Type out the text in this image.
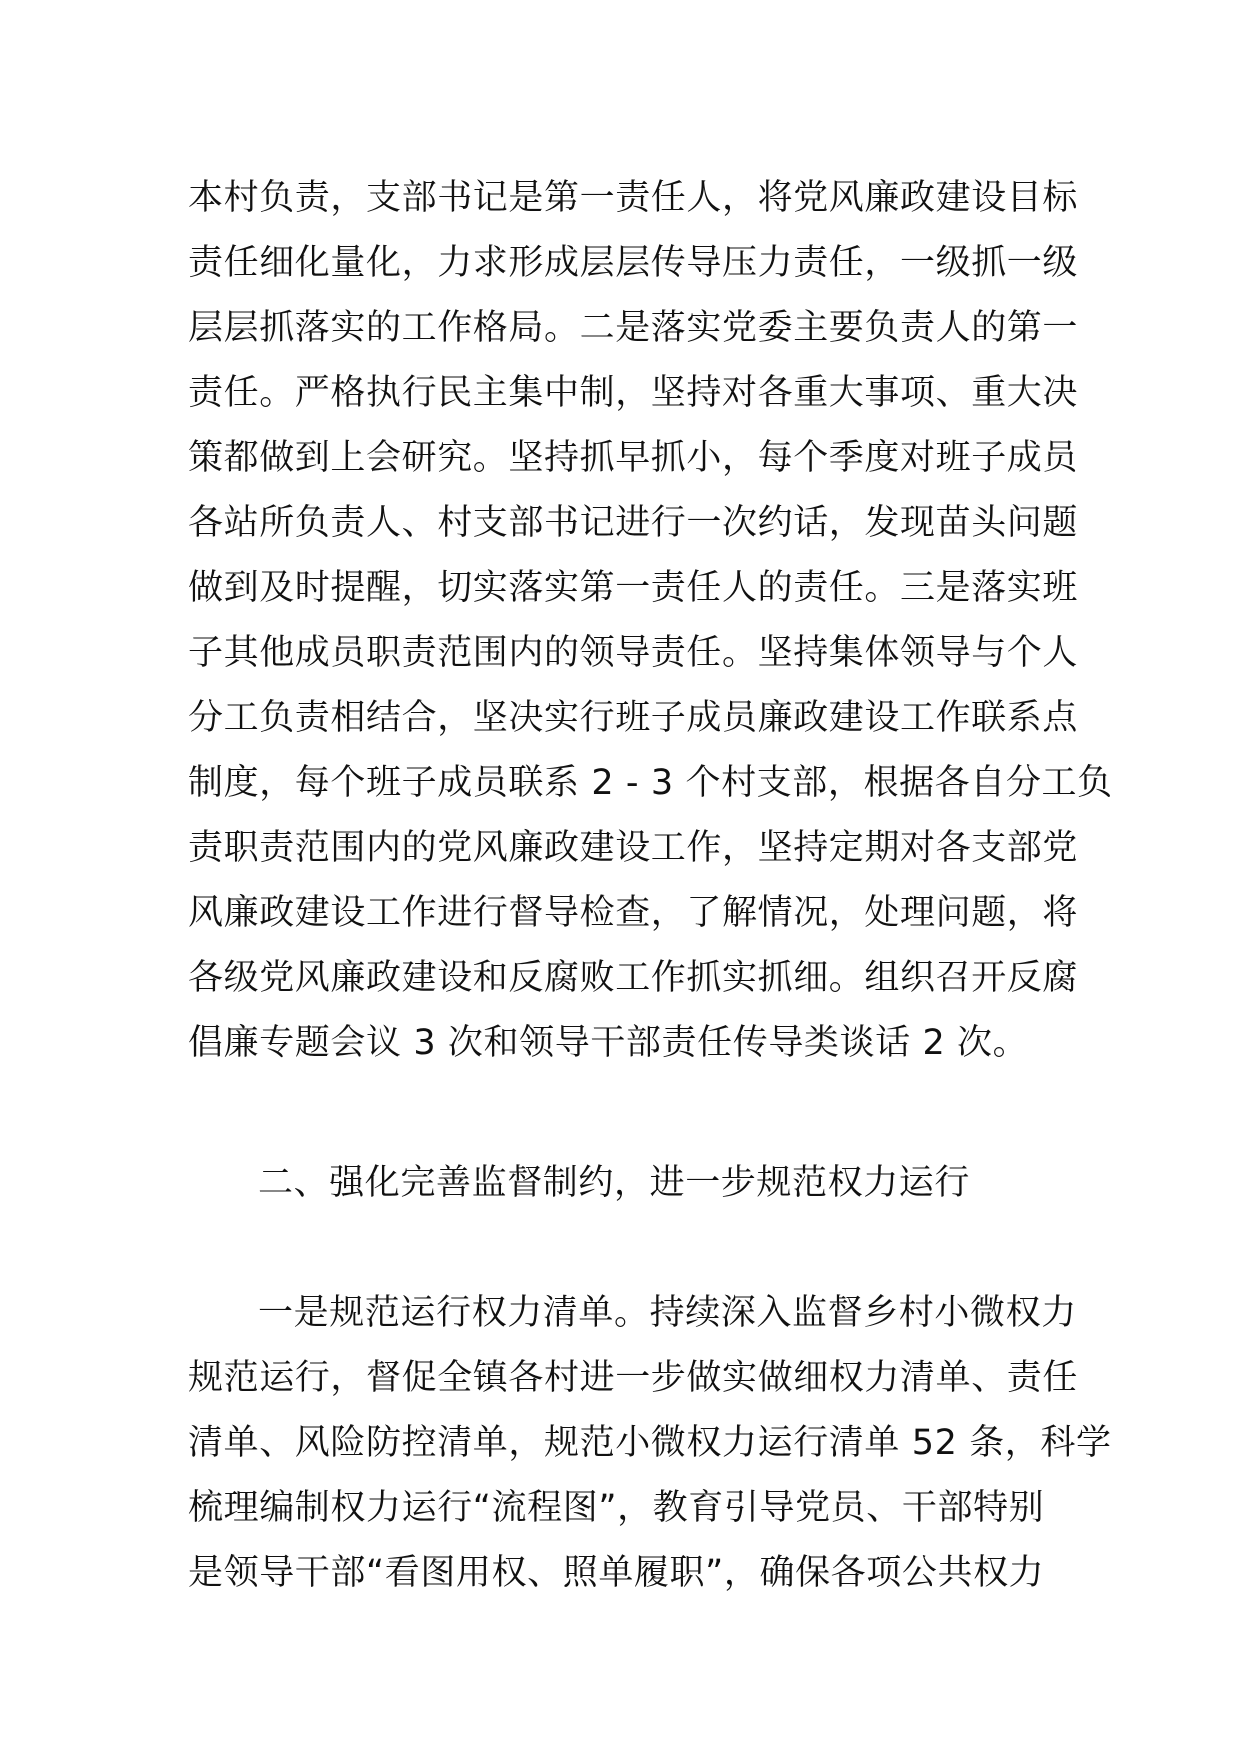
本村负责，支部书记是第一责任人，将党风廉政建设目标
责任细化量化，力求形成层层传导压力责任，一级抓一级
层层抓落实的工作格局。二是落实党委主要负责人的第一
责任。严格执行民主集中制，坚持对各重大事项、重大决
策都做到上会研究。坚持抓早抓小，每个季度对班子成员
各站所负责人、村支部书记进行一次约话，发现苗头问题
做到及时提醒，切实落实第一责任人的责任。三是落实班
子其他成员职责范围内的领导责任。坚持集体领导与个人
分工负责相结合，坚决实行班子成员廉政建设工作联系点
制度，每个班子成员联系 2 - 3 个村支部，根据各自分工负
责职责范围内的党风廉政建设工作，坚持定期对各支部党
风廉政建设工作进行督导检查，了解情况，处理问题，将
各级党风廉政建设和反腐败工作抓实抓细。组织召开反腐
倡廉专题会议 3 次和领导干部责任传导类谈话 2 次。
二、强化完善监督制约，进一步规范权力运行
一是规范运行权力清单。持续深入监督乡村小微权力
规范运行，督促全镇各村进一步做实做细权力清单、责任
清单、风险防控清单，规范小微权力运行清单 52 条，科学
梳理编制权力运行“流程图”，教育引导党员、干部特别
是领导干部“看图用权、照单履职”，确保各项公共权力
